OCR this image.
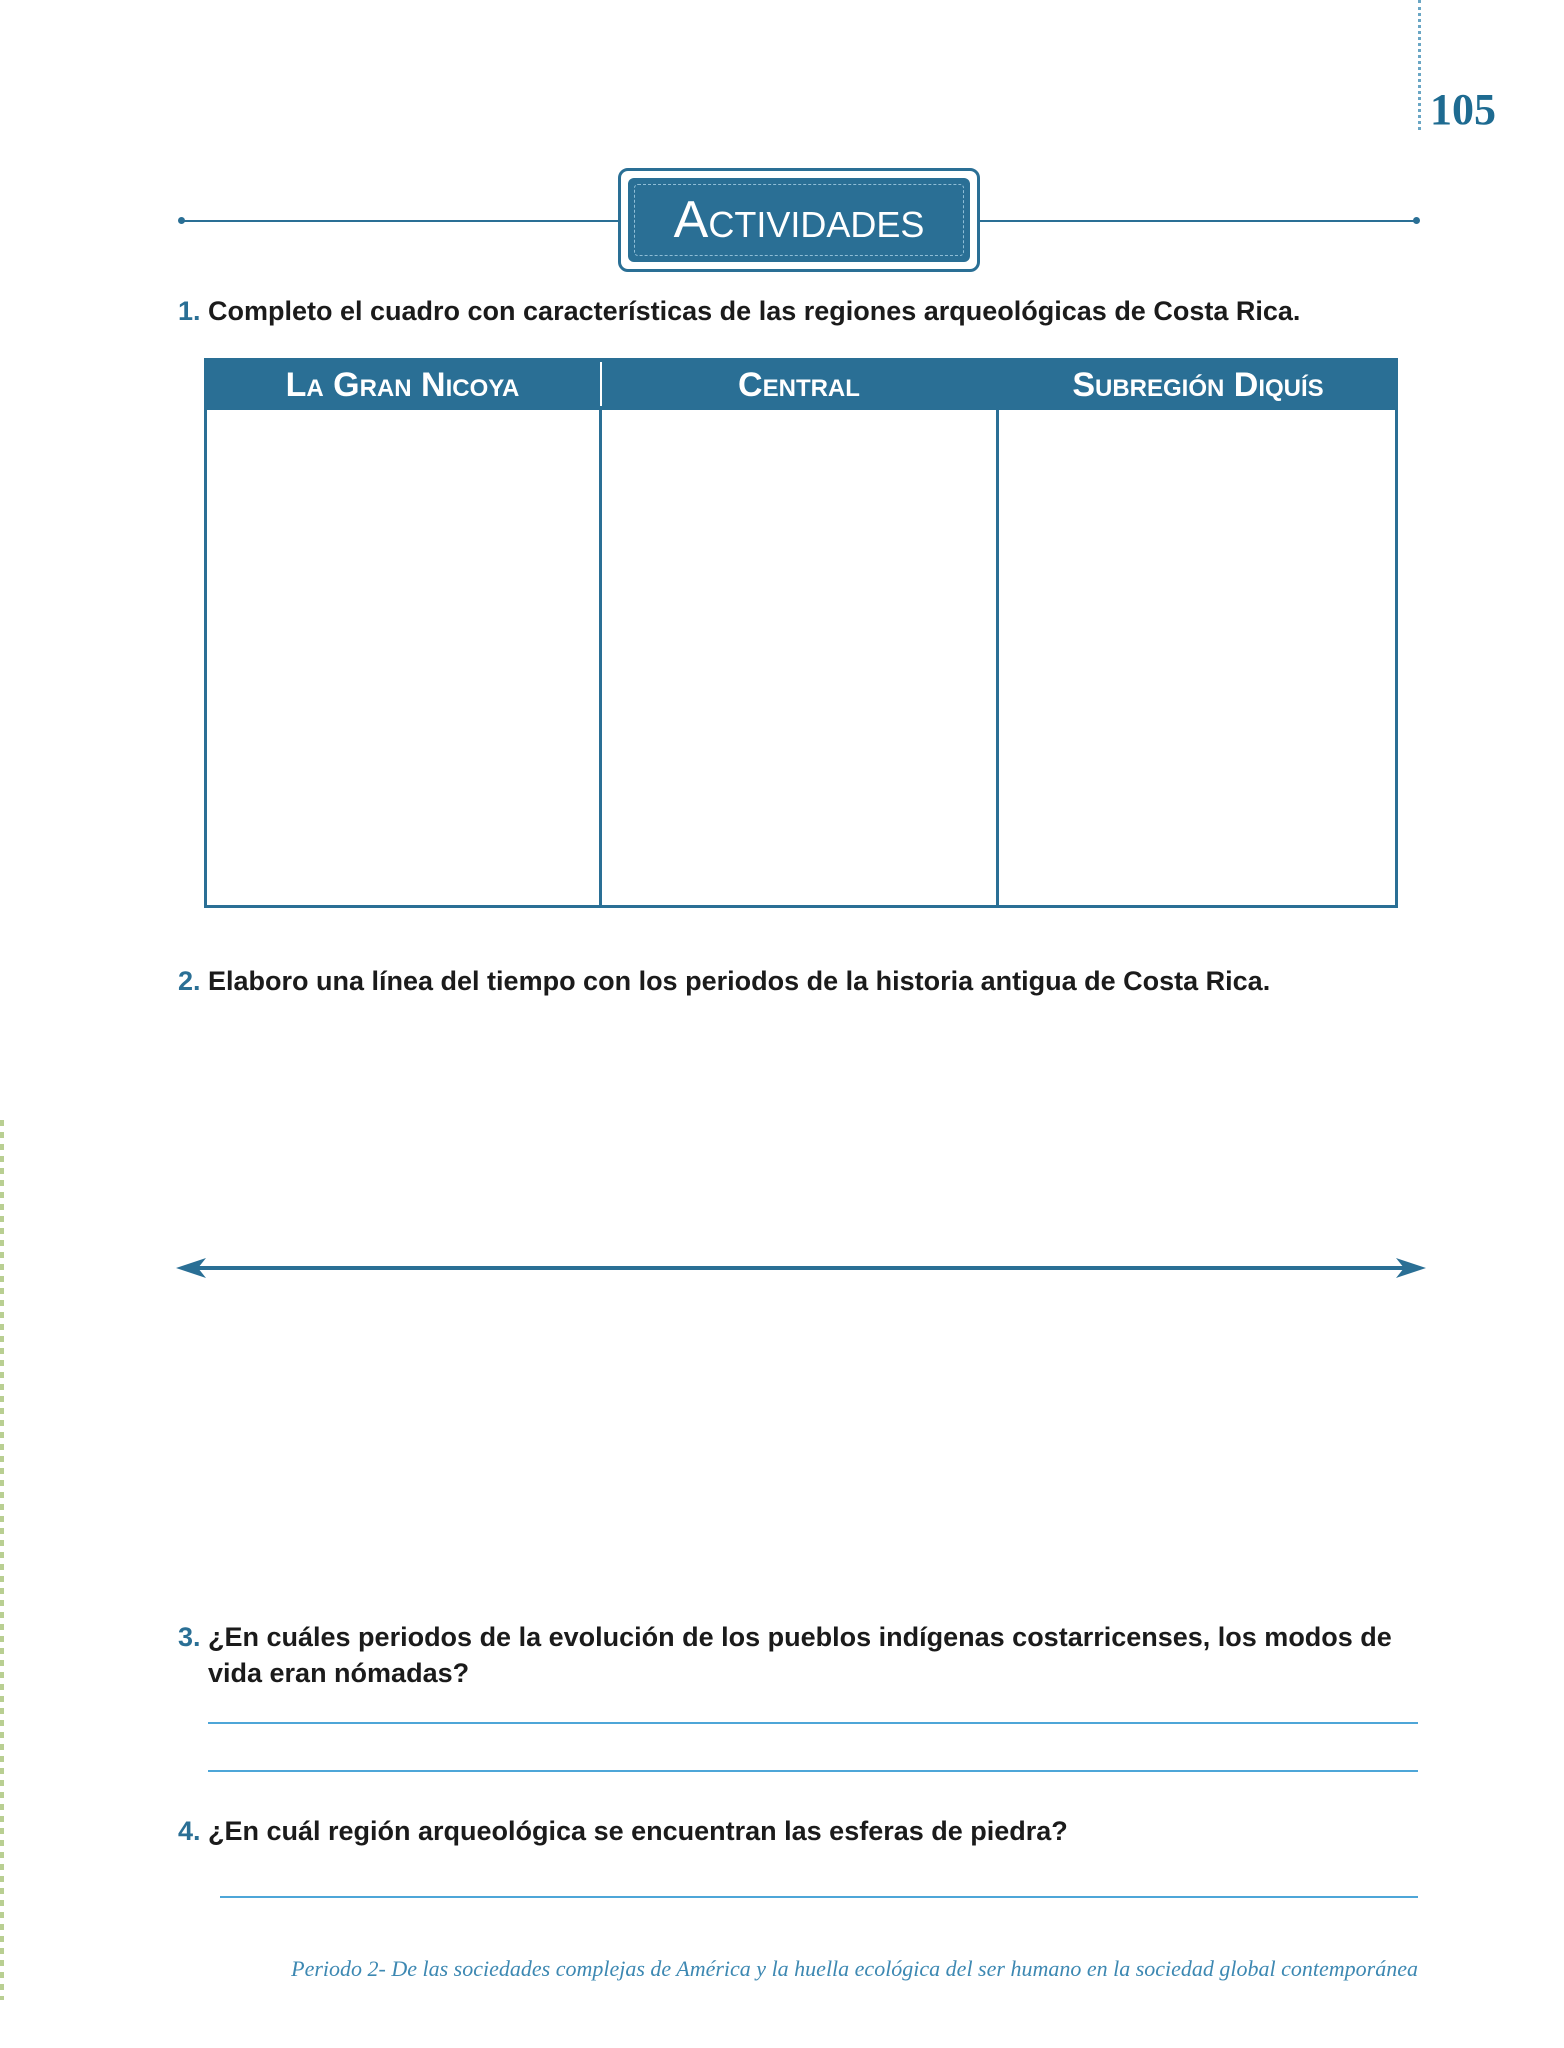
105
Actividades
1. Completo el cuadro con características de las regiones arqueológicas de Costa Rica.
La Gran Nicoya	Central	Subregión Diquís
2. Elaboro una línea del tiempo con los periodos de la historia antigua de Costa Rica.
3. ¿En cuáles periodos de la evolución de los pueblos indígenas costarricenses, los modos de
vida eran nómadas?
4. ¿En cuál región arqueológica se encuentran las esferas de piedra?
Periodo 2- De las sociedades complejas de América y la huella ecológica del ser humano en la sociedad global contemporánea
